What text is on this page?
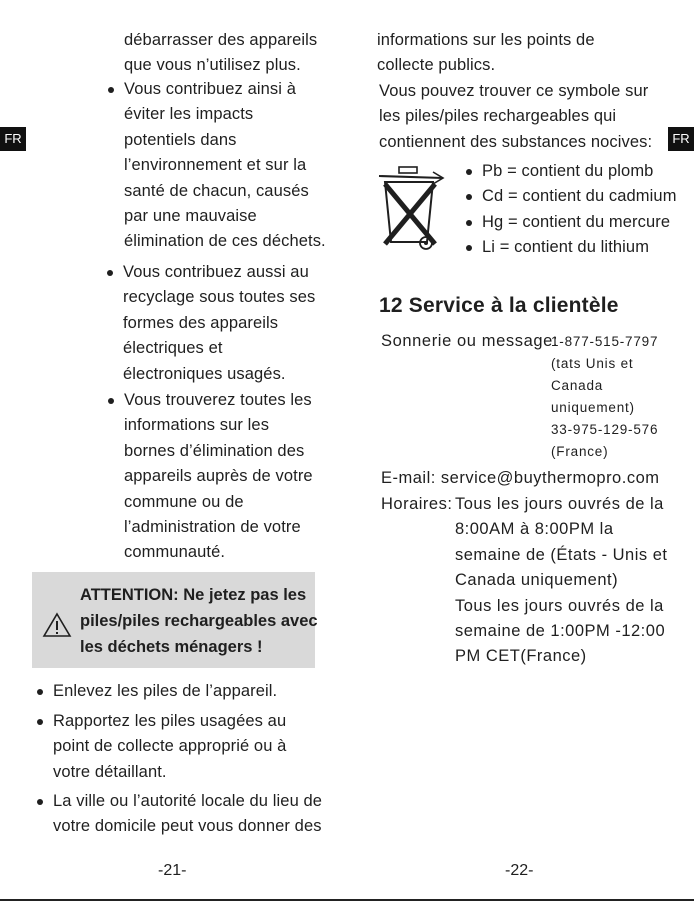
FR	FR
débarrasser des appareils
que vous n’utilisez plus.
Vous contribuez ainsi à
éviter les impacts
potentiels dans
l’environnement et sur la
santé de chacun, causés
par une mauvaise
élimination de ces déchets.
Vous contribuez aussi au
recyclage sous toutes ses
formes des appareils
électriques et
électroniques usagés.
Vous trouverez toutes les
informations sur les
bornes d’élimination des
appareils auprès de votre
commune ou de
l’administration de votre
communauté.
ATTENTION: Ne jetez pas les
piles/piles rechargeables avec
les déchets ménagers !
Enlevez les piles de l’appareil.
Rapportez les piles usagées au
point de collecte approprié ou à
votre détaillant.
La ville ou l’autorité locale du lieu de
votre domicile peut vous donner des
-21-
informations sur les points de
collecte publics.
Vous pouvez trouver ce symbole sur
les piles/piles rechargeables qui
contiennent des substances nocives:
Pb = contient du plomb
Cd = contient du cadmium
Hg = contient du mercure
Li = contient du lithium
12 Service à la clientèle
Sonnerie ou message:
1-877-515-7797
(tats Unis et
Canada
uniquement)
33-975-129-576
(France)
E-mail: service@buythermopro.com
Horaires: Tous les jours ouvrés de la
8:00AM à 8:00PM la
semaine de (États - Unis et
Canada uniquement)
Tous les jours ouvrés de la
semaine de 1:00PM -12:00
PM CET(France)
-22-
